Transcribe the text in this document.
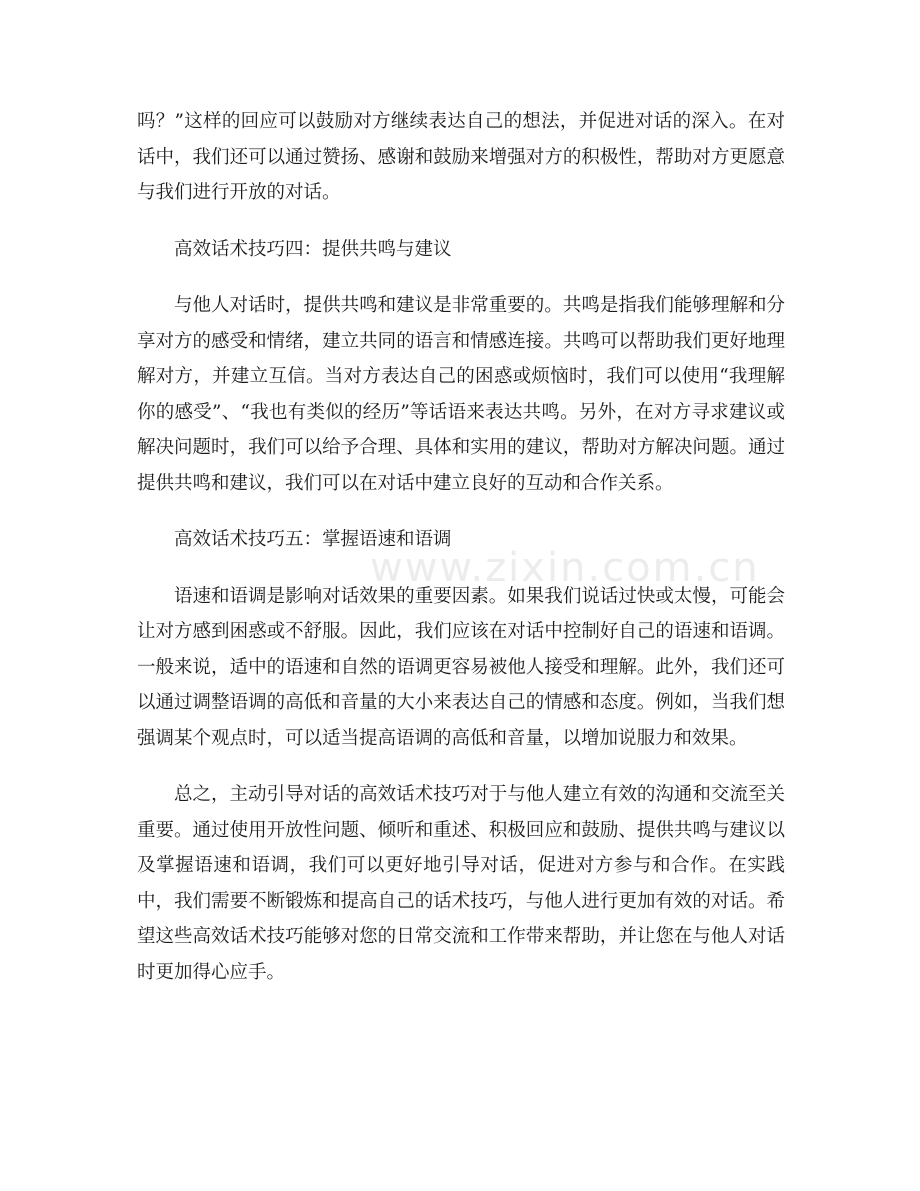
吗？”这样的回应可以鼓励对方继续表达自己的想法，并促进对话的深入。在对话中，我们还可以通过赞扬、感谢和鼓励来增强对方的积极性，帮助对方更愿意与我们进行开放的对话。

高效话术技巧四：提供共鸣与建议

与他人对话时，提供共鸣和建议是非常重要的。共鸣是指我们能够理解和分享对方的感受和情绪，建立共同的语言和情感连接。共鸣可以帮助我们更好地理解对方，并建立互信。当对方表达自己的困惑或烦恼时，我们可以使用“我理解你的感受”、“我也有类似的经历”等话语来表达共鸣。另外，在对方寻求建议或解决问题时，我们可以给予合理、具体和实用的建议，帮助对方解决问题。通过提供共鸣和建议，我们可以在对话中建立良好的互动和合作关系。

高效话术技巧五：掌握语速和语调

语速和语调是影响对话效果的重要因素。如果我们说话过快或太慢，可能会让对方感到困惑或不舒服。因此，我们应该在对话中控制好自己的语速和语调。一般来说，适中的语速和自然的语调更容易被他人接受和理解。此外，我们还可以通过调整语调的高低和音量的大小来表达自己的情感和态度。例如，当我们想强调某个观点时，可以适当提高语调的高低和音量，以增加说服力和效果。

总之，主动引导对话的高效话术技巧对于与他人建立有效的沟通和交流至关重要。通过使用开放性问题、倾听和重述、积极回应和鼓励、提供共鸣与建议以及掌握语速和语调，我们可以更好地引导对话，促进对方参与和合作。在实践中，我们需要不断锻炼和提高自己的话术技巧，与他人进行更加有效的对话。希望这些高效话术技巧能够对您的日常交流和工作带来帮助，并让您在与他人对话时更加得心应手。

www.zixin.com.cn
